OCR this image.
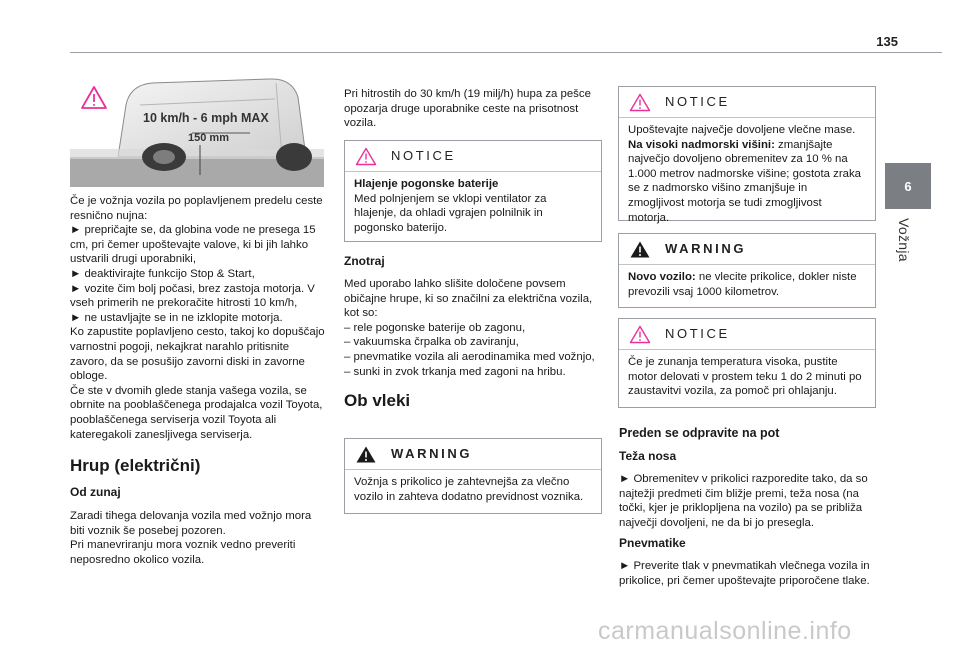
135
6
Vožnja
10 km/h - 6 mph MAX
150 mm

Če je vožnja vozila po poplavljenem predelu ceste resnično nujna:

► prepričajte se, da globina vode ne presega 15 cm, pri čemer upoštevajte valove, ki bi jih lahko ustvarili drugi uporabniki,

► deaktivirajte funkcijo Stop & Start,

► vozite čim bolj počasi, brez zastoja motorja. V vseh primerih ne prekoračite hitrosti 10 km/h,

► ne ustavljajte se in ne izklopite motorja.

Ko zapustite poplavljeno cesto, takoj ko dopuščajo varnostni pogoji, nekajkrat narahlo pritisnite zavoro, da se posušijo zavorni diski in zavorne obloge.

Če ste v dvomih glede stanja vašega vozila, se obrnite na pooblaščenega prodajalca vozil Toyota, pooblaščenega serviserja vozil Toyota ali kateregakoli zanesljivega serviserja.

Hrup (električni)

Od zunaj

Zaradi tihega delovanja vozila med vožnjo mora biti voznik še posebej pozoren.

Pri manevriranju mora voznik vedno preveriti neposredno okolico vozila.

Pri hitrostih do 30 km/h (19 milj/h) hupa za pešce opozarja druge uporabnike ceste na prisotnost vozila.

NOTICE

Hlajenje pogonske baterije

Med polnjenjem se vklopi ventilator za hlajenje, da ohladi vgrajen polnilnik in pogonsko baterijo.

Znotraj

Med uporabo lahko slišite določene povsem običajne hrupe, ki so značilni za električna vozila, kot so:

– rele pogonske baterije ob zagonu,

– vakuumska črpalka ob zaviranju,

– pnevmatike vozila ali aerodinamika med vožnjo,

– sunki in zvok trkanja med zagoni na hribu.

Ob vleki

WARNING

Vožnja s prikolico je zahtevnejša za vlečno vozilo in zahteva dodatno previdnost voznika.

NOTICE

Upoštevajte največje dovoljene vlečne mase.

Na visoki nadmorski višini: zmanjšajte največjo dovoljeno obremenitev za 10 % na 1.000 metrov nadmorske višine; gostota zraka se z nadmorsko višino zmanjšuje in zmogljivost motorja se tudi zmogljivost motorja.

WARNING

Novo vozilo: ne vlecite prikolice, dokler niste prevozili vsaj 1000 kilometrov.

NOTICE

Če je zunanja temperatura visoka, pustite motor delovati v prostem teku 1 do 2 minuti po zaustavitvi vozila, za pomoč pri ohlajanju.

Preden se odpravite na pot

Teža nosa

► Obremenitev v prikolici razporedite tako, da so najtežji predmeti čim bližje premi, teža nosa (na točki, kjer je priklopljena na vozilo) pa se približa največji dovoljeni, ne da bi jo presegla.

Pnevmatike

► Preverite tlak v pnevmatikah vlečnega vozila in prikolice, pri čemer upoštevajte priporočene tlake.

carmanualsonline.info
